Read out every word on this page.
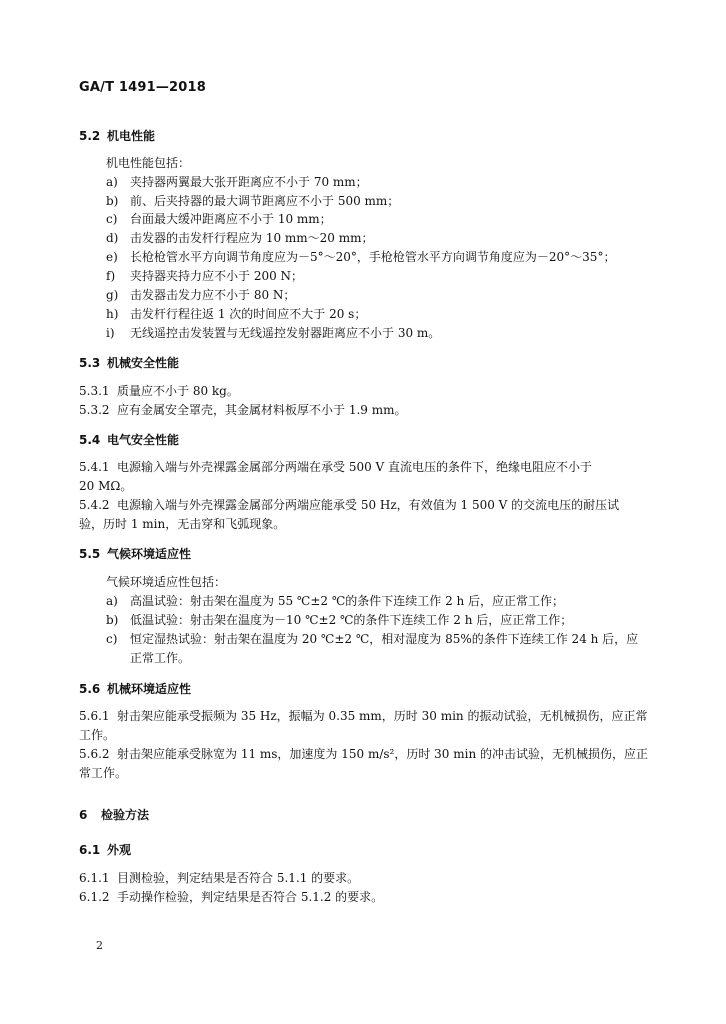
GA/T 1491—2018
5.2 机电性能
机电性能包括：
a) 夹持器两翼最大张开距离应不小于 70 mm；
b) 前、后夹持器的最大调节距离应不小于 500 mm；
c) 台面最大缓冲距离应不小于 10 mm；
d) 击发器的击发杆行程应为 10 mm～20 mm；
e) 长枪枪管水平方向调节角度应为－5°～20°，手枪枪管水平方向调节角度应为－20°～35°；
f) 夹持器夹持力应不小于 200 N；
g) 击发器击发力应不小于 80 N；
h) 击发杆行程往返 1 次的时间应不大于 20 s；
i) 无线遥控击发装置与无线遥控发射器距离应不小于 30 m。
5.3 机械安全性能
5.3.1 质量应不小于 80 kg。
5.3.2 应有金属安全罩壳，其金属材料板厚不小于 1.9 mm。
5.4 电气安全性能
5.4.1 电源输入端与外壳裸露金属部分两端在承受 500 V 直流电压的条件下，绝缘电阻应不小于
20 MΩ。
5.4.2 电源输入端与外壳裸露金属部分两端应能承受 50 Hz，有效值为 1 500 V 的交流电压的耐压试
验，历时 1 min，无击穿和飞弧现象。
5.5 气候环境适应性
气候环境适应性包括：
a) 高温试验：射击架在温度为 55 ℃±2 ℃的条件下连续工作 2 h 后，应正常工作；
b) 低温试验：射击架在温度为－10 ℃±2 ℃的条件下连续工作 2 h 后，应正常工作；
c) 恒定湿热试验：射击架在温度为 20 ℃±2 ℃，相对湿度为 85%的条件下连续工作 24 h 后，应
正常工作。
5.6 机械环境适应性
5.6.1 射击架应能承受振频为 35 Hz，振幅为 0.35 mm，历时 30 min 的振动试验，无机械损伤，应正常
工作。
5.6.2 射击架应能承受脉宽为 11 ms，加速度为 150 m/s²，历时 30 min 的冲击试验，无机械损伤，应正
常工作。
6 检验方法
6.1 外观
6.1.1 目测检验，判定结果是否符合 5.1.1 的要求。
6.1.2 手动操作检验，判定结果是否符合 5.1.2 的要求。
2
